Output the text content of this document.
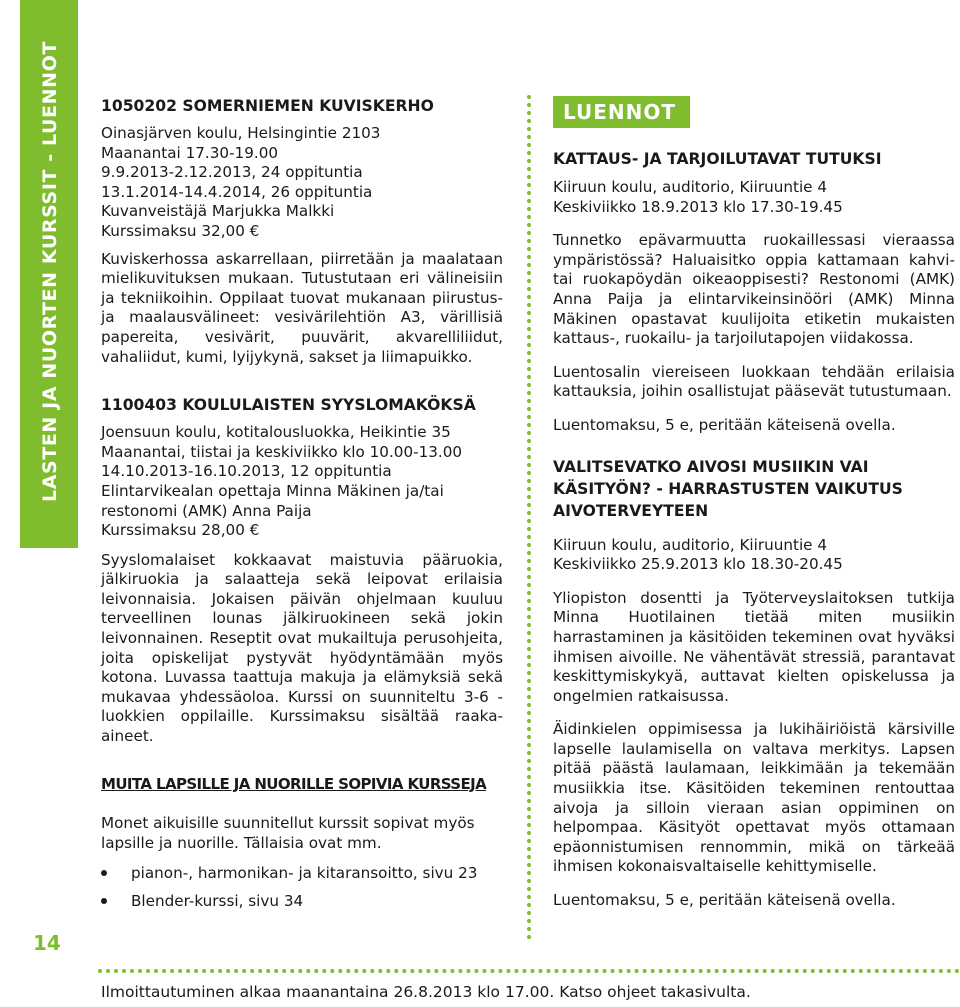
LASTEN JA NUORTEN KURSSIT - LUENNOT
14

1050202 SOMERNIEMEN KUVISKERHO

Oinasjärven koulu, Helsingintie 2103

Maanantai 17.30-19.00

9.9.2013-2.12.2013, 24 oppituntia

13.1.2014-14.4.2014, 26 oppituntia

Kuvanveistäjä Marjukka Malkki

Kurssimaksu 32,00 €

Kuviskerhossa askarrellaan, piirretään ja maalataan mielikuvituksen mukaan. Tutustutaan eri välineisiin ja tekniikoihin. Oppilaat tuovat mukanaan piirustus- ja maalausvälineet: vesivärilehtiön A3, värillisiä papereita, vesivärit, puuvärit, akvarelliliidut, vahaliidut, kumi, lyijykynä, sakset ja liimapuikko.

1100403 KOULULAISTEN SYYSLOMAKÖKSÄ

Joensuun koulu, kotitalousluokka, Heikintie 35

Maanantai, tiistai ja keskiviikko klo 10.00-13.00

14.10.2013-16.10.2013, 12 oppituntia

Elintarvikealan opettaja Minna Mäkinen ja/tai

restonomi (AMK) Anna Paija

Kurssimaksu 28,00 €

Syyslomalaiset kokkaavat maistuvia pääruokia, jälkiruokia ja salaatteja sekä leipovat erilaisia leivonnaisia. Jokaisen päivän ohjelmaan kuuluu terveellinen lounas jälkiruokineen sekä jokin leivonnainen. Reseptit ovat mukailtuja perusohjeita, joita opiskelijat pystyvät hyödyntämään myös kotona. Luvassa taattuja makuja ja elämyksiä sekä mukavaa yhdessäoloa. Kurssi on suunniteltu 3-6 -luokkien oppilaille. Kurssimaksu sisältää raaka-aineet.

MUITA LAPSILLE JA NUORILLE SOPIVIA KURSSEJA

Monet aikuisille suunnitellut kurssit sopivat myös lapsille ja nuorille. Tällaisia ovat mm.

pianon-, harmonikan- ja kitaransoitto, sivu 23
Blender-kurssi, sivu 34
LUENNOT

KATTAUS- JA TARJOILUTAVAT TUTUKSI

Kiiruun koulu, auditorio, Kiiruuntie 4

Keskiviikko 18.9.2013 klo 17.30-19.45

Tunnetko epävarmuutta ruokaillessasi vieraassa ympäristössä? Haluaisitko oppia kattamaan kahvi- tai ruokapöydän oikeaoppisesti? Restonomi (AMK) Anna Paija ja elintarvikeinsinööri (AMK) Minna Mäkinen opastavat kuulijoita etiketin mukaisten kattaus-, ruokailu- ja tarjoilutapojen viidakossa.

Luentosalin viereiseen luokkaan tehdään erilaisia kattauksia, joihin osallistujat pääsevät tutustumaan.

Luentomaksu, 5 e, peritään käteisenä ovella.

VALITSEVATKO AIVOSI MUSIIKIN VAI KÄSITYÖN? - HARRASTUSTEN VAIKUTUS AIVOTERVEYTEEN

Kiiruun koulu, auditorio, Kiiruuntie 4

Keskiviikko 25.9.2013 klo 18.30-20.45

Yliopiston dosentti ja Työterveyslaitoksen tutkija Minna Huotilainen tietää miten musiikin harrastaminen ja käsitöiden tekeminen ovat hyväksi ihmisen aivoille. Ne vähentävät stressiä, parantavat keskittymiskykyä, auttavat kielten opiskelussa ja ongelmien ratkaisussa.

Äidinkielen oppimisessa ja lukihäiriöistä kärsiville lapselle laulamisella on valtava merkitys. Lapsen pitää päästä laulamaan, leikkimään ja tekemään musiikkia itse. Käsitöiden tekeminen rentouttaa aivoja ja silloin vieraan asian oppiminen on helpompaa. Käsityöt opettavat myös ottamaan epäonnistumisen rennommin, mikä on tärkeää ihmisen kokonaisvaltaiselle kehittymiselle.

Luentomaksu, 5 e, peritään käteisenä ovella.

Ilmoittautuminen alkaa maanantaina 26.8.2013 klo 17.00. Katso ohjeet takasivulta.
